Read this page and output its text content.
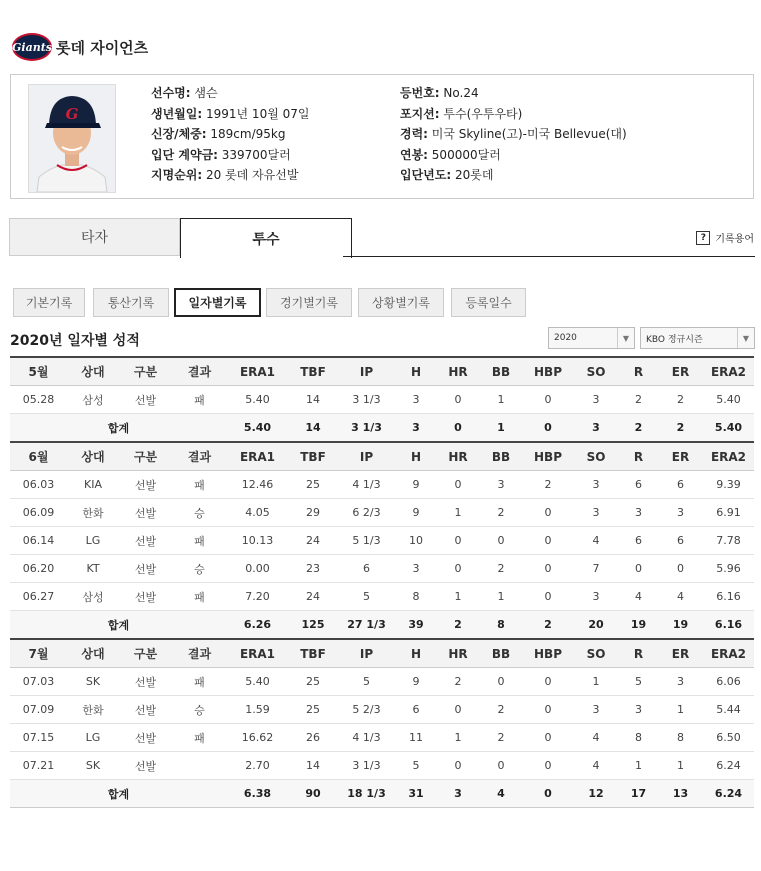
Giants 롯데 자이언츠
G
선수명: 샘슨
생년월일: 1991년 10월 07일
신장/체중: 189cm/95kg
입단 계약금: 339700달러
지명순위: 20 롯데 자유선발
등번호: No.24
포지션: 투수(우투우타)
경력: 미국 Skyline(고)-미국 Bellevue(대)
연봉: 500000달러
입단년도: 20롯데
타자	투수	? 기록용어
기본기록	통산기록	일자별기록	경기별기록	상황별기록	등록일수
2020년 일자별 성적	2020	▼	KBO 정규시즌	▼
5월	상대	구분	결과	ERA1	TBF	IP	H	HR	BB	HBP	SO	R	ER	ERA2
05.28	삼성	선발	패	5.40	14	3 1/3	3	0	1	0	3	2	2	5.40
합계				5.40	14	3 1/3	3	0	1	0	3	2	2	5.40
6월	상대	구분	결과	ERA1	TBF	IP	H	HR	BB	HBP	SO	R	ER	ERA2
06.03	KIA	선발	패	12.46	25	4 1/3	9	0	3	2	3	6	6	9.39
06.09	한화	선발	승	4.05	29	6 2/3	9	1	2	0	3	3	3	6.91
06.14	LG	선발	패	10.13	24	5 1/3	10	0	0	0	4	6	6	7.78
06.20	KT	선발	승	0.00	23	6	3	0	2	0	7	0	0	5.96
06.27	삼성	선발	패	7.20	24	5	8	1	1	0	3	4	4	6.16
합계				6.26	125	27 1/3	39	2	8	2	20	19	19	6.16
7월	상대	구분	결과	ERA1	TBF	IP	H	HR	BB	HBP	SO	R	ER	ERA2
07.03	SK	선발	패	5.40	25	5	9	2	0	0	1	5	3	6.06
07.09	한화	선발	승	1.59	25	5 2/3	6	0	2	0	3	3	1	5.44
07.15	LG	선발	패	16.62	26	4 1/3	11	1	2	0	4	8	8	6.50
07.21	SK	선발		2.70	14	3 1/3	5	0	0	0	4	1	1	6.24
합계				6.38	90	18 1/3	31	3	4	0	12	17	13	6.24
